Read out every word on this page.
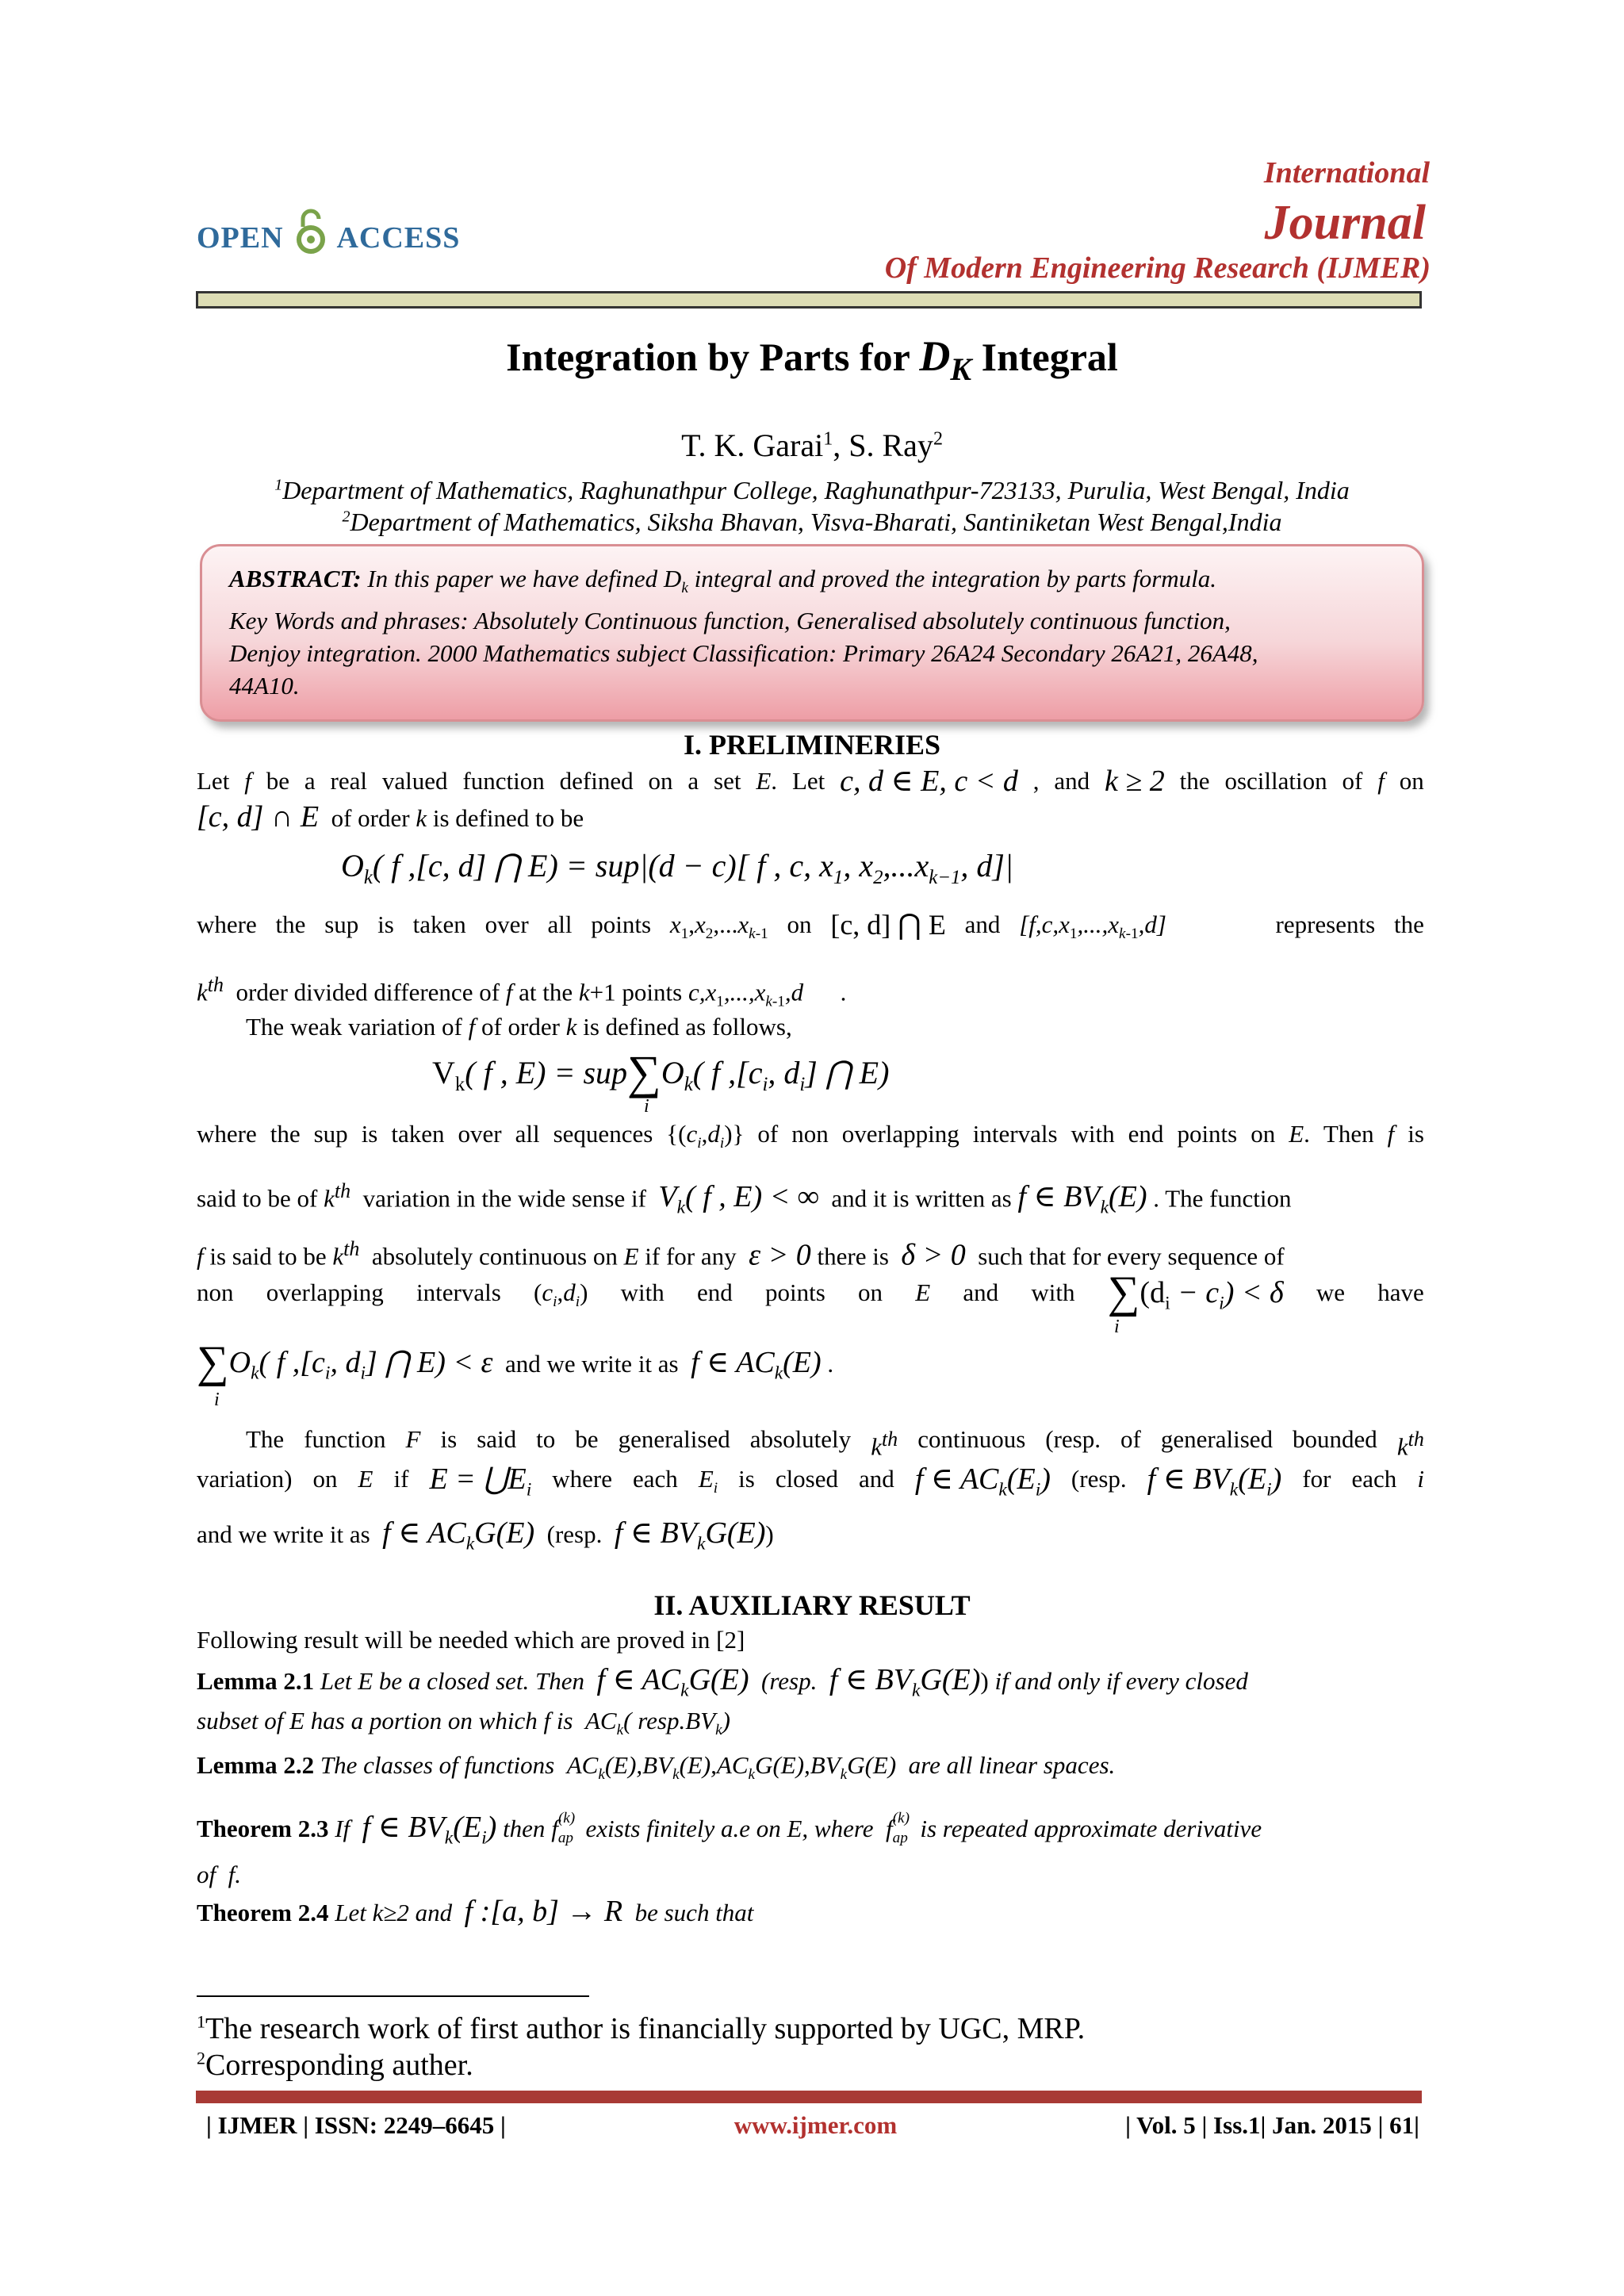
OPEN ACCESS
International
Journal
Of Modern Engineering Research (IJMER)
Integration by Parts for $D_K$ Integral
T. K. Garai$^1$, S. Ray$^2$
$^1$Department of Mathematics, Raghunathpur College, Raghunathpur-723133, Purulia, West Bengal, India
$^2$Department of Mathematics, Siksha Bhavan, Visva-Bharati, Santiniketan West Bengal,India
ABSTRACT: In this paper we have defined $D_k$ integral and proved the integration by parts formula.
Key Words and phrases: Absolutely Continuous function, Generalised absolutely continuous function,
Denjoy integration. 2000 Mathematics subject Classification: Primary 26A24 Secondary 26A21, 26A48,
44A10.
I. PRELIMINERIES
Let f be a real valued function defined on a set E. Let c, d ∈ E, c < d , and k ≥ 2 the oscillation of f on
[c, d] ∩ E  of order k is defined to be
$O_k$( f ,[c, d] ⋂ E) = sup|(d − c)[ f , c, $x_1$, $x_2,...x_{k-1}$, d]|
where the sup is taken over all points $x_1,x_2,...x_{k-1}$ on [c, d] ⋂ E and $[f,c,x_1,...,x_{k-1},d]$	represents the
$k^{th}$  order divided difference of f at the k+1 points $c,x_1,...,x_{k-1},d$      .
The weak variation of f of order k is defined as follows,
$V_k$( f , $E) = sup\sum O_k$( f $,[c_i$, $d_i$] ⋂ E)
i
where the sup is taken over all sequences $\{(c_i,d_i)\}$ of non overlapping intervals with end points on E. Then f is
said to be of $k^{th}$  variation in the wide sense if  $V_k$( f , E) < ∞  and it is written as f ∈ $BV_k(E)$ . The function
f is said to be $k^{th}$  absolutely continuous on E if for any  ε > 0 there is  δ > 0  such that for every sequence of
non overlapping intervals $(c_i,d_i)$ with end points on E and with $\sum(d_i - c_i) < \delta$ we have
i
$\sum O_k$( f $,[c_i$, $d_i$] ⋂ E) < ε  and we write it as  f ∈ $AC_k(E)$ .
i
The function F is said to be generalised absolutely $k^{th}$ continuous (resp. of generalised bounded $k^{th}$
variation) on E if $E = ⋃E_i$ where each $E_i$ is closed and f ∈ $AC_k(E_i)$ (resp. f ∈ $BV_k(E_i)$ for each i
and we write it as  f ∈ $AC_kG(E)$  (resp.  f ∈ $BV_kG(E)$)
II. AUXILIARY RESULT
Following result will be needed which are proved in [2]
Lemma 2.1 Let E be a closed set. Then f ∈ $AC_kG(E)$ (resp. f ∈ $BV_kG(E)$) if and only if every closed
subset of E has a portion on which f is  $AC_k$( $resp.BV_k$)
Lemma 2.2 The classes of functions  $AC_k(E),BV_k(E),AC_kG(E),BV_kG(E)$  are all linear spaces.
Theorem 2.3 If f ∈ $BV_k(E_i)$ then $f_{ap (k)}$ exists finitely a.e on E, where $f_{ap (k)}$ is repeated approximate derivative
of  f.
Theorem 2.4 Let k≥2 and f :[a, b] → R be such that
$^1$The research work of first author is financially supported by UGC, MRP.
$^2$Corresponding auther.
| IJMER | ISSN: 2249–6645 |	www.ijmer.com	| Vol. 5 | Iss.1| Jan. 2015 | 61|
